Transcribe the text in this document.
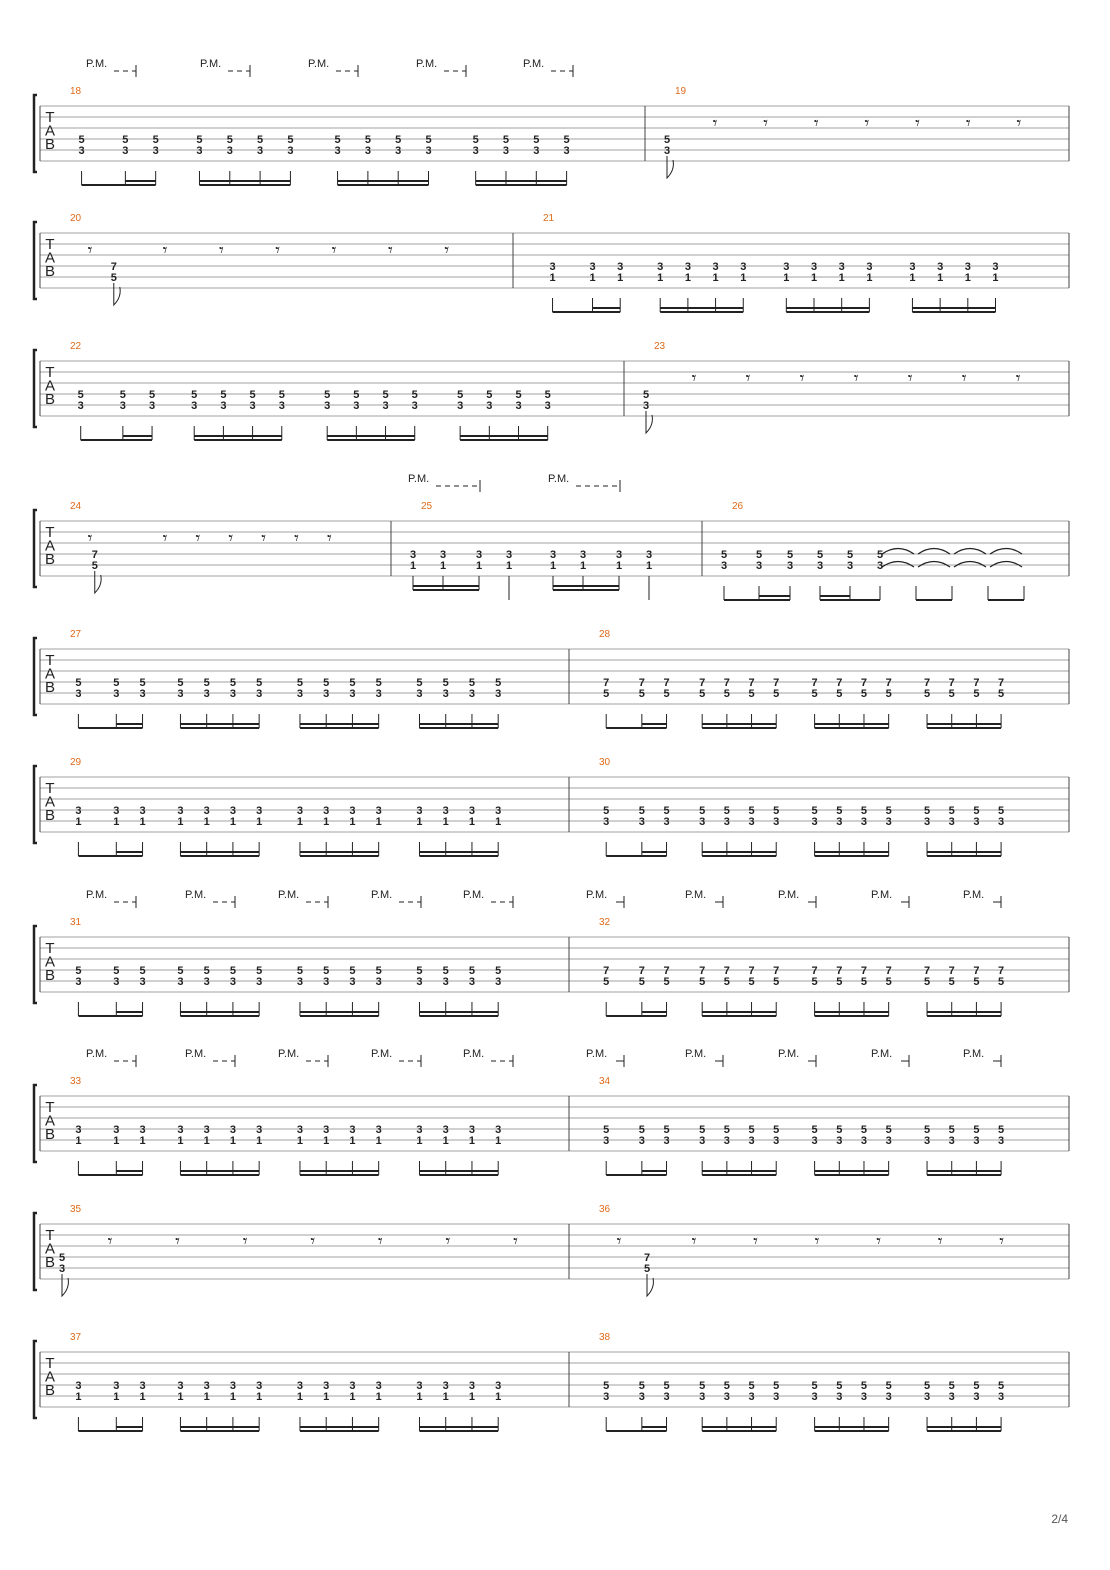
T
A
B
18
5
3
5
3
5
3
5
3
5
3
5
3
5
3
5
3
5
3
5
3
5
3
5
3
5
3
5
3
5
3
19
5
3
𝄾	𝄾	𝄾	𝄾	𝄾	𝄾	𝄾
P.M.	P.M.	P.M.	P.M.	P.M.
T
A
B
20
7
5
𝄾	𝄾	𝄾	𝄾	𝄾	𝄾	𝄾
21
3
1
3
1
3
1
3
1
3
1
3
1
3
1
3
1
3
1
3
1
3
1
3
1
3
1
3
1
3
1
T
A
B
22
5
3
5
3
5
3
5
3
5
3
5
3
5
3
5
3
5
3
5
3
5
3
5
3
5
3
5
3
5
3
23
5
3
𝄾	𝄾	𝄾	𝄾	𝄾	𝄾	𝄾
T
A
B
24
7
5
𝄾	𝄾 𝄾 𝄾 𝄾 𝄾 𝄾
25
3
1
3
1
3
1
3
1
3
1
3
1
3
1
3
1
26
5
3
5
3
5
3
5
3
5
3
5
3
P.M.	P.M.
T
A
B
27
5
3
5
3
5
3
5
3
5
3
5
3
5
3
5
3
5
3
5
3
5
3
5
3
5
3
5
3
5
3
28
7
5
7
5
7
5
7
5
7
5
7
5
7
5
7
5
7
5
7
5
7
5
7
5
7
5
7
5
7
5
T
A
B
29
3
1
3
1
3
1
3
1
3
1
3
1
3
1
3
1
3
1
3
1
3
1
3
1
3
1
3
1
3
1
30
5
3
5
3
5
3
5
3
5
3
5
3
5
3
5
3
5
3
5
3
5
3
5
3
5
3
5
3
5
3
T
A
B
31
5
3
5
3
5
3
5
3
5
3
5
3
5
3
5
3
5
3
5
3
5
3
5
3
5
3
5
3
5
3
32
7
5
7
5
7
5
7
5
7
5
7
5
7
5
7
5
7
5
7
5
7
5
7
5
7
5
7
5
7
5
P.M.	P.M.	P.M.	P.M.	P.M.	P.M.	P.M.	P.M.	P.M.	P.M.
T
A
B
33
3
1
3
1
3
1
3
1
3
1
3
1
3
1
3
1
3
1
3
1
3
1
3
1
3
1
3
1
3
1
34
5
3
5
3
5
3
5
3
5
3
5
3
5
3
5
3
5
3
5
3
5
3
5
3
5
3
5
3
5
3
P.M.	P.M.	P.M.	P.M.	P.M.	P.M.	P.M.	P.M.	P.M.	P.M.
T
A
B
35
5
3
𝄾	𝄾	𝄾	𝄾	𝄾	𝄾	𝄾
36
7
5
𝄾	𝄾	𝄾	𝄾	𝄾	𝄾	𝄾
T
A
B
37
3
1
3
1
3
1
3
1
3
1
3
1
3
1
3
1
3
1
3
1
3
1
3
1
3
1
3
1
3
1
38
5
3
5
3
5
3
5
3
5
3
5
3
5
3
5
3
5
3
5
3
5
3
5
3
5
3
5
3
5
3
2/4
